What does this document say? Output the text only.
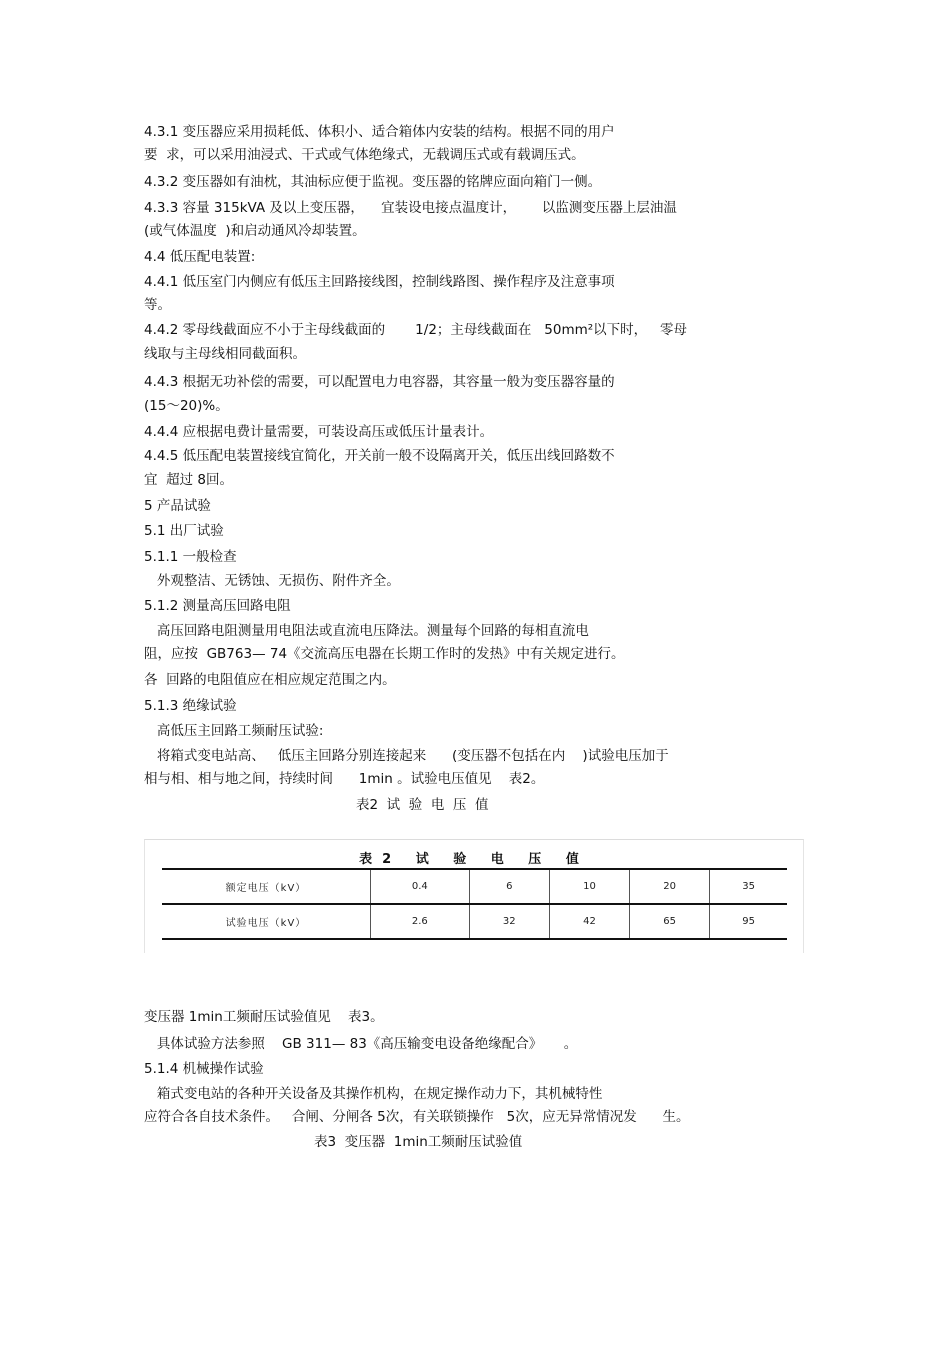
4.3.1 变压器应采用损耗低、体积小、适合箱体内安装的结构。根据不同的用户
要  求，可以采用油浸式、干式或气体绝缘式，无载调压式或有载调压式。
4.3.2 变压器如有油枕，其油标应便于监视。变压器的铭牌应面向箱门一侧。
4.3.3 容量 315kVA 及以上变压器，    宜装设电接点温度计，      以监测变压器上层油温
(或气体温度  )和启动通风冷却装置。
4.4 低压配电装置:
4.4.1 低压室门内侧应有低压主回路接线图，控制线路图、操作程序及注意事项
等。
4.4.2 零母线截面应不小于主母线截面的       1/2；主母线截面在   50mm²以下时，   零母
线取与主母线相同截面积。
4.4.3 根据无功补偿的需要，可以配置电力电容器，其容量一般为变压器容量的
(15～20)%。
4.4.4 应根据电费计量需要，可装设高压或低压计量表计。
4.4.5 低压配电装置接线宜简化，开关前一般不设隔离开关，低压出线回路数不
宜  超过 8回。
5 产品试验
5.1 出厂试验
5.1.1 一般检查
外观整洁、无锈蚀、无损伤、附件齐全。
5.1.2 测量高压回路电阻
高压回路电阻测量用电阻法或直流电压降法。测量每个回路的每相直流电
阻，应按  GB763— 74《交流高压电器在长期工作时的发热》中有关规定进行。
各  回路的电阻值应在相应规定范围之内。
5.1.3 绝缘试验
高低压主回路工频耐压试验:
将箱式变电站高、   低压主回路分别连接起来      (变压器不包括在内    )试验电压加于
相与相、相与地之间，持续时间      1min 。试验电压值见    表2。
表2  试  验  电  压  值
表2 试 验 电 压 值
额定电压（kV）	0.4	6	10	20	35
试验电压（kV）	2.6	32	42	65	95
变压器 1min工频耐压试验值见    表3。
具体试验方法参照    GB 311— 83《高压输变电设备绝缘配合》     。
5.1.4 机械操作试验
箱式变电站的各种开关设备及其操作机构，在规定操作动力下，其机械特性
应符合各自技术条件。   合闸、分闸各 5次，有关联锁操作   5次，应无异常情况发      生。
表3  变压器  1min工频耐压试验值
